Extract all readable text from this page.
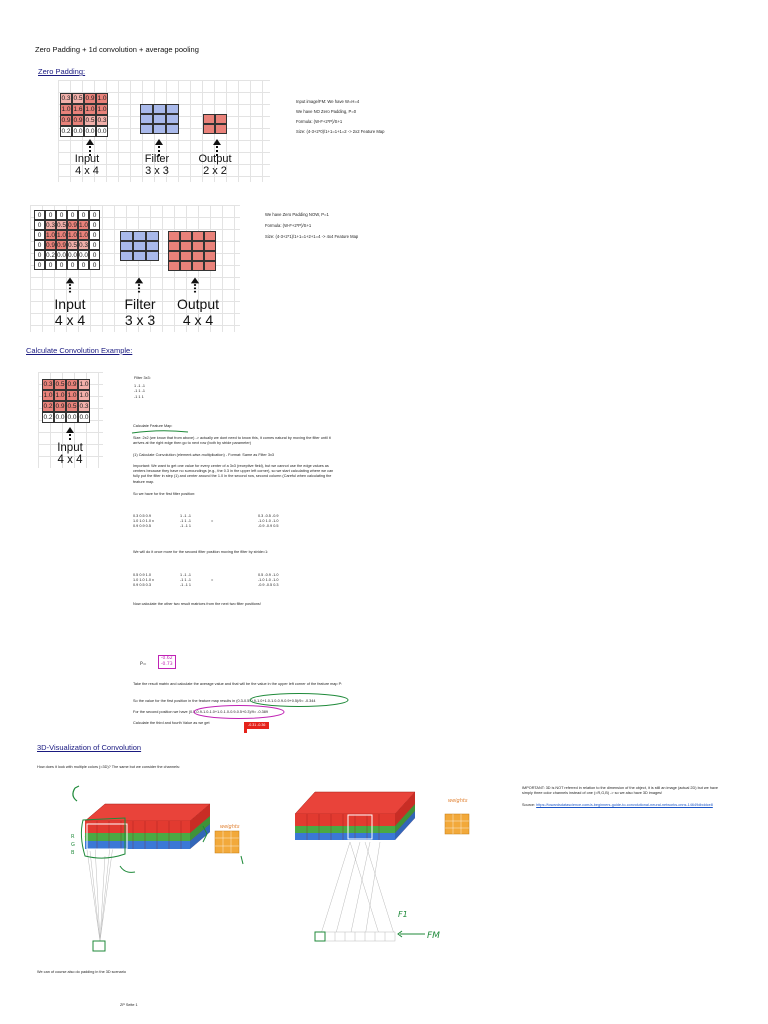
Zero Padding + 1d convolution + average pooling
Zero Padding:
0.3 0.5 0.9 1.0
1.0 1.6 1.0 1.0
0.9 0.9 0.5 0.3
0.2 0.0 0.0 0.0
Input
4 x 4
Filter
3 x 3
Output
2 x 2
Input image/FM: We have W=H=4
We have NO Zero Padding, P=0
Formula: (W-F+2*P)/S+1
Size: (4-3+2*0)/1+1=1+1=2 -> 2x2 Feature Map
0	0	0	0	0	0
0 0.3 0.5 0.9 1.0 0
0 1.0 1.0 1.0 1.0 0
0 0.9 0.9 0.5 0.3 0
0 0.2 0.0 0.0 0.0 0
0	0	0	0	0	0
Input
4 x 4
Filter
3 x 3
Output
4 x 4
We have Zero Padding NOW, P=1
Formula: (W-F+2*P)/S+1
Size: (4-3+2*1)/1+1=1+2+1=4 -> 4x4 Feature Map
Calculate Convolution Example:
0.3 0.5 0.9 1.0
1.0 1.0 1.0 1.0
0.2 0.9 0.5 0.3
0.2 0.0 0.0 0.0
Input
4 x 4
Filter 3x3:
1 -1 -1
-1 1 -1
-1 1 1
Calculate Feature Map:
Size: 2x2 (we know that from above) -> actually we dont need to know this, it comes natural by moving the filter until it arrives at the right edge then go to next row (both by stride parameter)
(1) Calculate Convolution (element-wise-multiplication) - Format: Same as Filter 3x3
Important: We want to get one value for every center of a 3x3 (receptive field), but we cannot use the edge values as centers because they have no surroundings (e.g., the 0.3 in the upper left corner), so we start calculating where we can fully put the filter in step (1) and center around the 1.0 in the second row, second column (Careful when calculating the feature map.
So we have for the first filter position:
0.3 0.5 0.9
1.0 1.0 1.0 x
0.9 0.9 0.5
1 -1 -1
-1 1 -1
-1 -1 1
=
0.3 -0.5 -0.9
-1.0 1.0 -1.0
-0.9 -0.9 0.5
We will do it once more for the second filter position moving the filter by stride=1:
0.5 0.9 1.0
1.0 1.0 1.0 x
0.9 0.5 0.3
1 -1 -1
-1 1 -1
-1 -1 1
=
0.5 -0.9 -1.0
-1.0 1.0 -1.0
-0.9 -0.5 0.3
Now calculate the other two result matrices from the next two filter positions!
P= -0.62
-0.73
Take the result matrix and calculate the average value and that will be the value in the upper left corner of the feature map P:
So the value for the first position in the feature map results in (0.3-0.5-0.9-1.0+1.0-1.0-0.9-0.9+0.5)/9= -0.344
For the second position we have (0.5-0.9-1.0-1.0+1.0-1.0-0.9-0.5+0.3)/9= -0.389
Calculate the third and fourth Value as we get	-0.31 -0.36
3D-Visualization of Convolution
How does it look with multiple colors (=3D)? The same but we consider the channels:
R
G
B
weights
FM
F1
weights
IMPORTANT: 3D is NOT referred in relation to the dimension of the object, it is still an image (actual 2D) but we have simply three color channels instead of one (=R,G,B) -> so we also have 3D images!
Source: https://towardsdatascience.com/a-beginners-guide-to-convolutional-neural-networks-cnns-14649dbddce8
We can of course also do padding in the 3D scenario
ZP Seite 1
